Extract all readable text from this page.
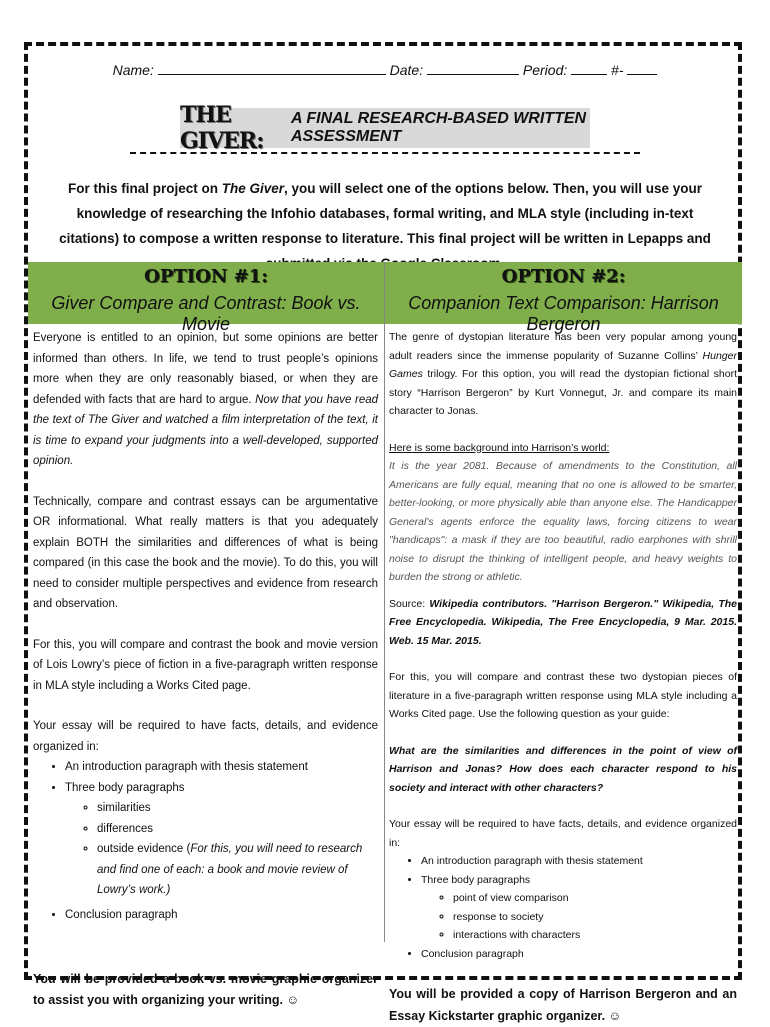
Name:	Date:	Period:	#-
THE GIVER:
A FINAL RESEARCH-BASED WRITTEN ASSESSMENT
For this final project on The Giver, you will select one of the options below. Then, you will use your knowledge of researching the Infohio databases, formal writing, and MLA style (including in-text citations) to compose a written response to literature. This final project will be written in Lepapps and
OPTION #1:
Giver Compare and Contrast: Book vs. Movie
OPTION #2:
Companion Text Comparison: Harrison Bergeron

Everyone is entitled to an opinion, but some opinions are better informed than others. In life, we tend to trust people’s opinions more when they are only reasonably biased, or when they are defended with facts that are hard to argue. Now that you have read the text of The Giver and watched a film interpretation of the text, it is time to expand your judgments into a well-developed, supported opinion.

Technically, compare and contrast essays can be argumentative OR informational. What really matters is that you adequately explain BOTH the similarities and differences of what is being compared (in this case the book and the movie). To do this, you will need to consider multiple perspectives and evidence from research and observation.

For this, you will compare and contrast the book and movie version of Lois Lowry’s piece of fiction in a five-paragraph written response in MLA style including a Works Cited page.

Your essay will be required to have facts, details, and evidence organized in:

• An introduction paragraph with thesis statement
• Three body paragraphs
◦ similarities
◦ differences
◦ outside evidence (For this, you will need to research and find one of each: a book and movie review of Lowry’s work.)
• Conclusion paragraph

You will be provided a book vs. movie graphic organizer to assist you with organizing your writing. ☺

The genre of dystopian literature has been very popular among young adult readers since the immense popularity of Suzanne Collins’ Hunger Games trilogy. For this option, you will read the dystopian fictional short story “Harrison Bergeron” by Kurt Vonnegut, Jr. and compare its main character to Jonas.

Here is some background into Harrison’s world:

It is the year 2081. Because of amendments to the Constitution, all Americans are fully equal, meaning that no one is allowed to be smarter, better-looking, or more physically able than anyone else. The Handicapper General's agents enforce the equality laws, forcing citizens to wear "handicaps": a mask if they are too beautiful, radio earphones with shrill noise to disrupt the thinking of intelligent people, and heavy weights to burden the strong or athletic.

Source: Wikipedia contributors. "Harrison Bergeron." Wikipedia, The Free Encyclopedia. Wikipedia, The Free Encyclopedia, 9 Mar. 2015. Web. 15 Mar. 2015.

For this, you will compare and contrast these two dystopian pieces of literature in a five-paragraph written response using MLA style including a Works Cited page. Use the following question as your guide:

What are the similarities and differences in the point of view of Harrison and Jonas? How does each character respond to his society and interact with other characters?

Your essay will be required to have facts, details, and evidence organized in:

• An introduction paragraph with thesis statement
• Three body paragraphs
◦ point of view comparison
◦ response to society
◦ interactions with characters
• Conclusion paragraph

You will be provided a copy of Harrison Bergeron and an Essay Kickstarter graphic organizer. ☺
